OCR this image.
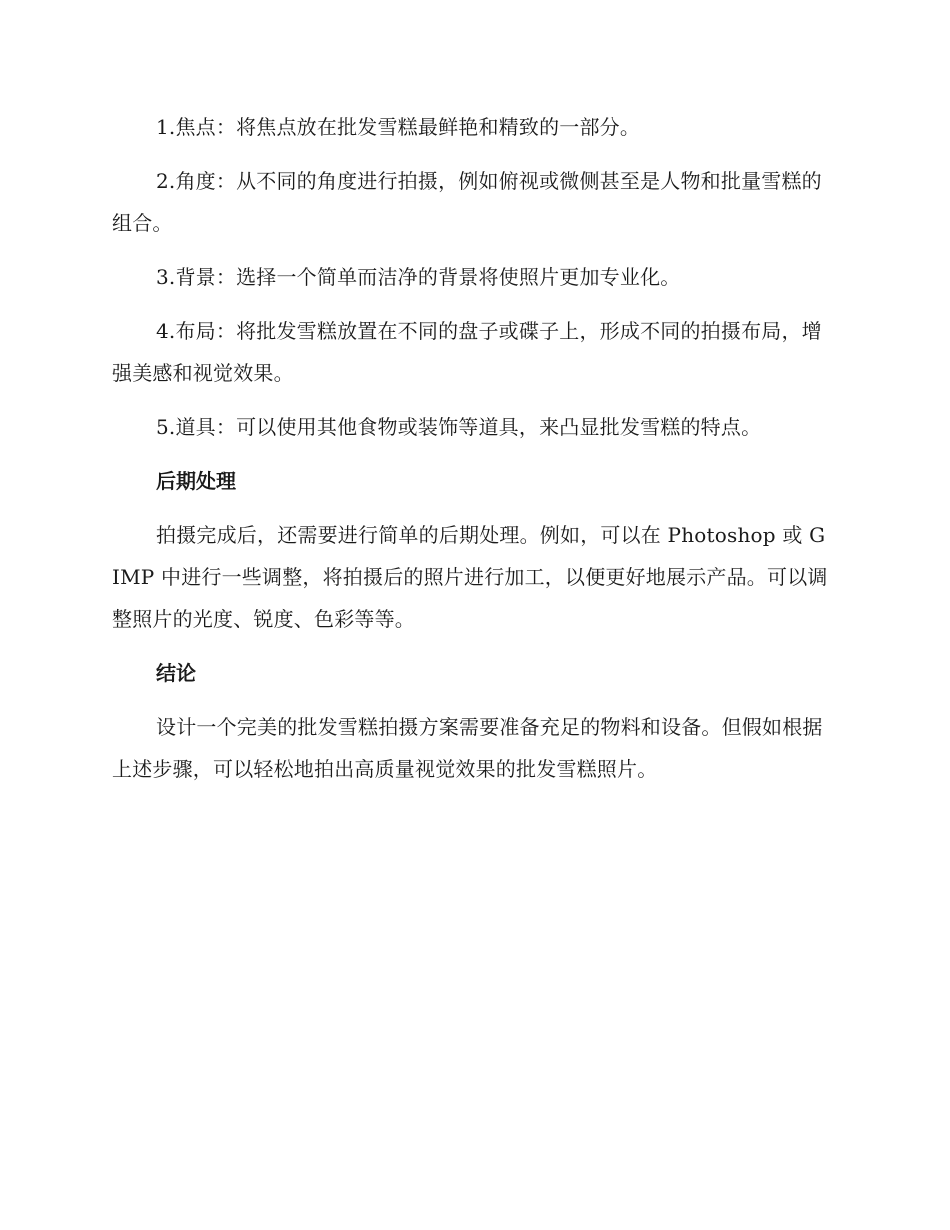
1.焦点：将焦点放在批发雪糕最鲜艳和精致的一部分。

2.角度：从不同的角度进行拍摄，例如俯视或微侧甚至是人物和批量雪糕的组合。

3.背景：选择一个简单而洁净的背景将使照片更加专业化。

4.布局：将批发雪糕放置在不同的盘子或碟子上，形成不同的拍摄布局，增强美感和视觉效果。

5.道具：可以使用其他食物或装饰等道具，来凸显批发雪糕的特点。

后期处理

拍摄完成后，还需要进行简单的后期处理。例如，可以在 Photoshop 或 GIMP 中进行一些调整，将拍摄后的照片进行加工，以便更好地展示产品。可以调整照片的光度、锐度、色彩等等。

结论

设计一个完美的批发雪糕拍摄方案需要准备充足的物料和设备。但假如根据上述步骤，可以轻松地拍出高质量视觉效果的批发雪糕照片。
